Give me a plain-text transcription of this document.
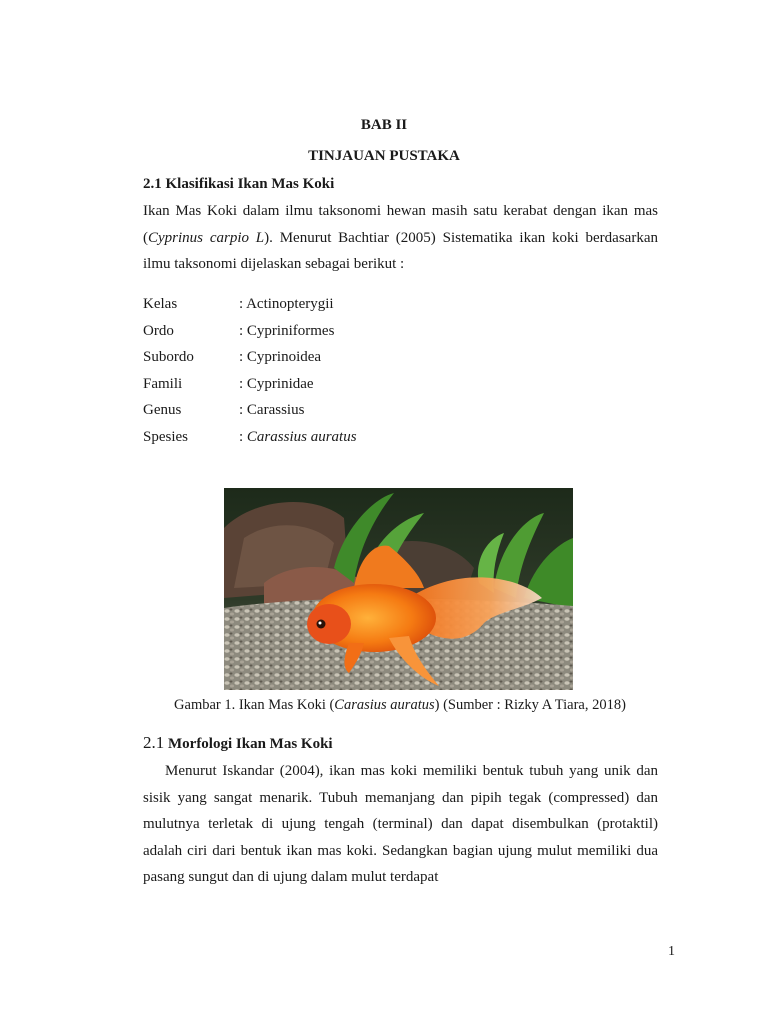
BAB II
TINJAUAN PUSTAKA
2.1 Klasifikasi Ikan Mas Koki
Ikan Mas Koki dalam ilmu taksonomi hewan masih satu kerabat dengan ikan mas
(Cyprinus carpio L). Menurut Bachtiar (2005) Sistematika ikan koki berdasarkan
ilmu taksonomi dijelaskan sebagai berikut :
Kelas	: Actinopterygii
Ordo	: Cypriniformes
Subordo	: Cyprinoidea
Famili	: Cyprinidae
Genus	: Carassius
Spesies	: Carassius auratus
Gambar 1. Ikan Mas Koki (Carasius auratus) (Sumber : Rizky A Tiara, 2018)
2.1 Morfologi Ikan Mas Koki
Menurut Iskandar (2004), ikan mas koki memiliki bentuk tubuh yang unik dan
sisik yang sangat menarik. Tubuh memanjang dan pipih tegak (compressed) dan
mulutnya terletak di ujung tengah (terminal) dan dapat disembulkan (protaktil)
adalah ciri dari bentuk ikan mas koki. Sedangkan bagian ujung mulut memiliki dua
pasang sungut dan di ujung dalam mulut terdapat
1
